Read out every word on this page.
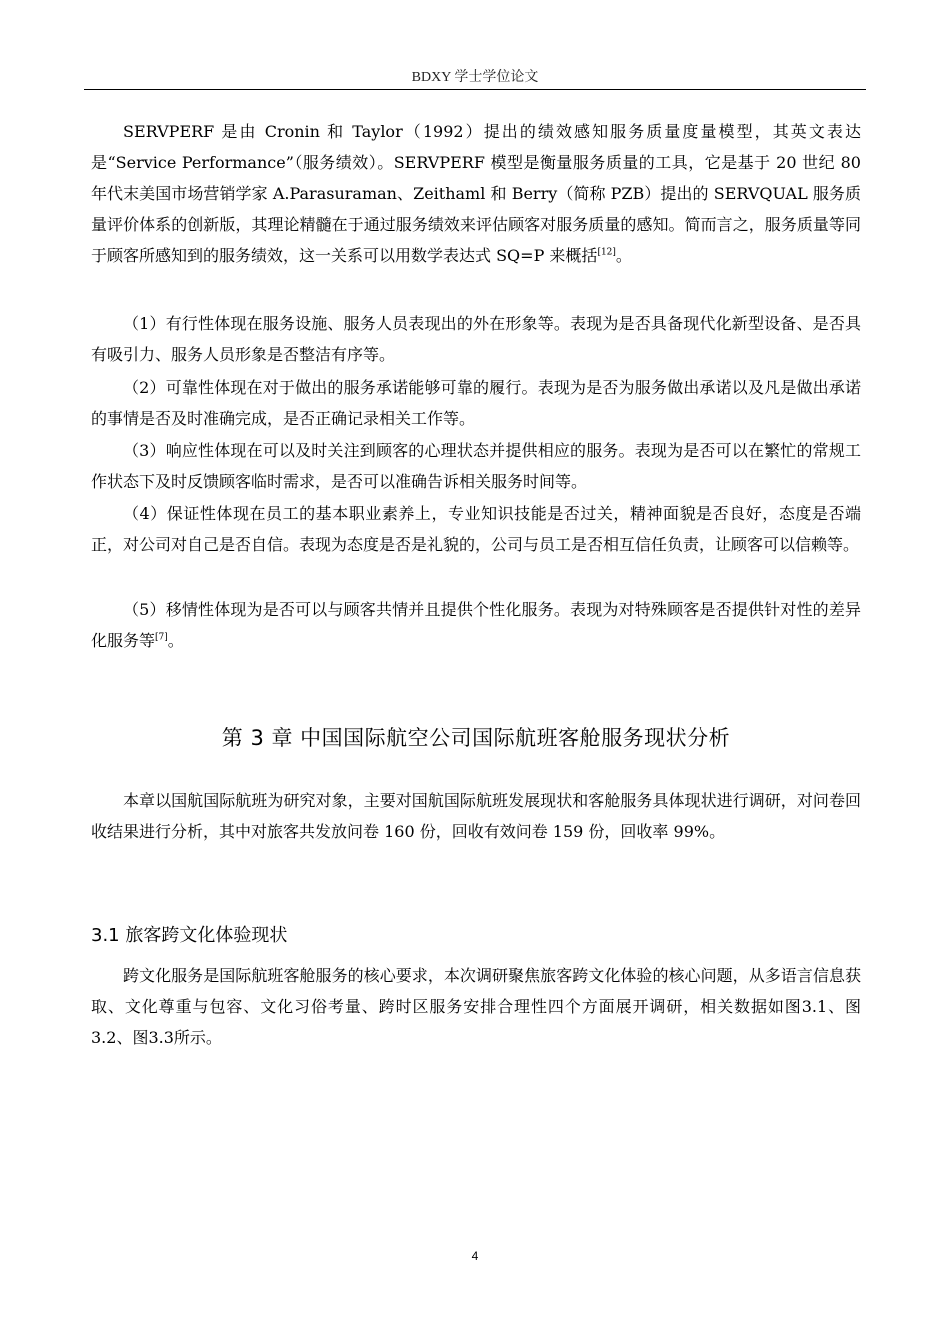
BDXY 学士学位论文

SERVPERF 是由 Cronin 和 Taylor（1992）提出的绩效感知服务质量度量模型，其英文表达是“Service Performance”（服务绩效）。SERVPERF 模型是衡量服务质量的工具，它是基于 20 世纪 80 年代末美国市场营销学家 A.Parasuraman、Zeithaml 和 Berry（简称 PZB）提出的 SERVQUAL 服务质量评价体系的创新版，其理论精髓在于通过服务绩效来评估顾客对服务质量的感知。简而言之，服务质量等同于顾客所感知到的服务绩效，这一关系可以用数学表达式 SQ=P 来概括[12]。

（1）有行性体现在服务设施、服务人员表现出的外在形象等。表现为是否具备现代化新型设备、是否具有吸引力、服务人员形象是否整洁有序等。

（2）可靠性体现在对于做出的服务承诺能够可靠的履行。表现为是否为服务做出承诺以及凡是做出承诺的事情是否及时准确完成，是否正确记录相关工作等。

（3）响应性体现在可以及时关注到顾客的心理状态并提供相应的服务。表现为是否可以在繁忙的常规工作状态下及时反馈顾客临时需求，是否可以准确告诉相关服务时间等。

（4）保证性体现在员工的基本职业素养上，专业知识技能是否过关，精神面貌是否良好，态度是否端正，对公司对自己是否自信。表现为态度是否是礼貌的，公司与员工是否相互信任负责，让顾客可以信赖等。

（5）移情性体现为是否可以与顾客共情并且提供个性化服务。表现为对特殊顾客是否提供针对性的差异化服务等[7]。

第 3 章 中国国际航空公司国际航班客舱服务现状分析

本章以国航国际航班为研究对象，主要对国航国际航班发展现状和客舱服务具体现状进行调研，对问卷回收结果进行分析，其中对旅客共发放问卷 160 份，回收有效问卷 159 份，回收率 99%。

3.1 旅客跨文化体验现状

跨文化服务是国际航班客舱服务的核心要求，本次调研聚焦旅客跨文化体验的核心问题，从多语言信息获取、文化尊重与包容、文化习俗考量、跨时区服务安排合理性四个方面展开调研，相关数据如图3.1、图3.2、图3.3所示。

4
